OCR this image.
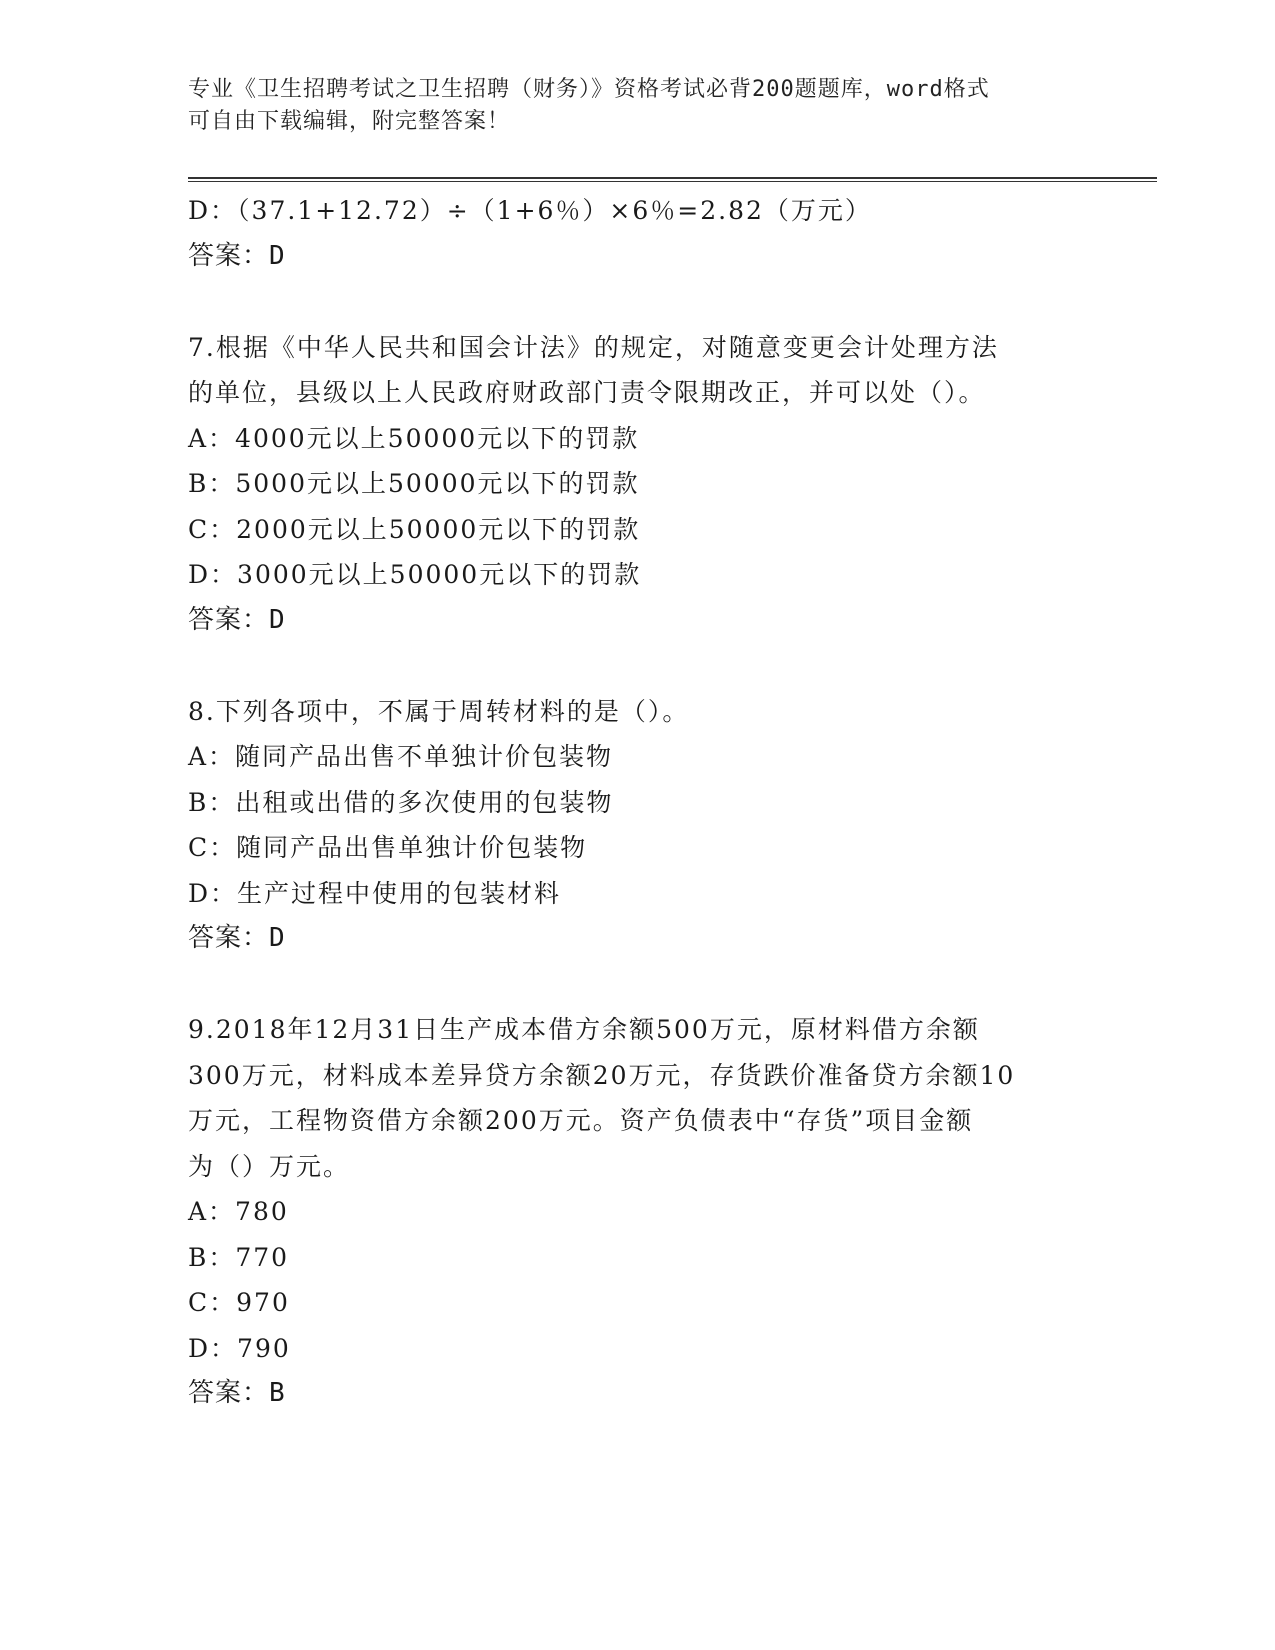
专业《卫生招聘考试之卫生招聘（财务）》资格考试必背200题题库，word格式
可自由下载编辑，附完整答案！
D：（37.1+12.72）÷（1+6％）×6％=2.82（万元）
答案：D
7.根据《中华人民共和国会计法》的规定，对随意变更会计处理方法
的单位，县级以上人民政府财政部门责令限期改正，并可以处（）。
A：4000元以上50000元以下的罚款
B：5000元以上50000元以下的罚款
C：2000元以上50000元以下的罚款
D：3000元以上50000元以下的罚款
答案：D
8.下列各项中，不属于周转材料的是（）。
A：随同产品出售不单独计价包装物
B：出租或出借的多次使用的包装物
C：随同产品出售单独计价包装物
D：生产过程中使用的包装材料
答案：D
9.2018年12月31日生产成本借方余额500万元，原材料借方余额
300万元，材料成本差异贷方余额20万元，存货跌价准备贷方余额10
万元，工程物资借方余额200万元。资产负债表中“存货”项目金额
为（）万元。
A：780
B：770
C：970
D：790
答案：B
